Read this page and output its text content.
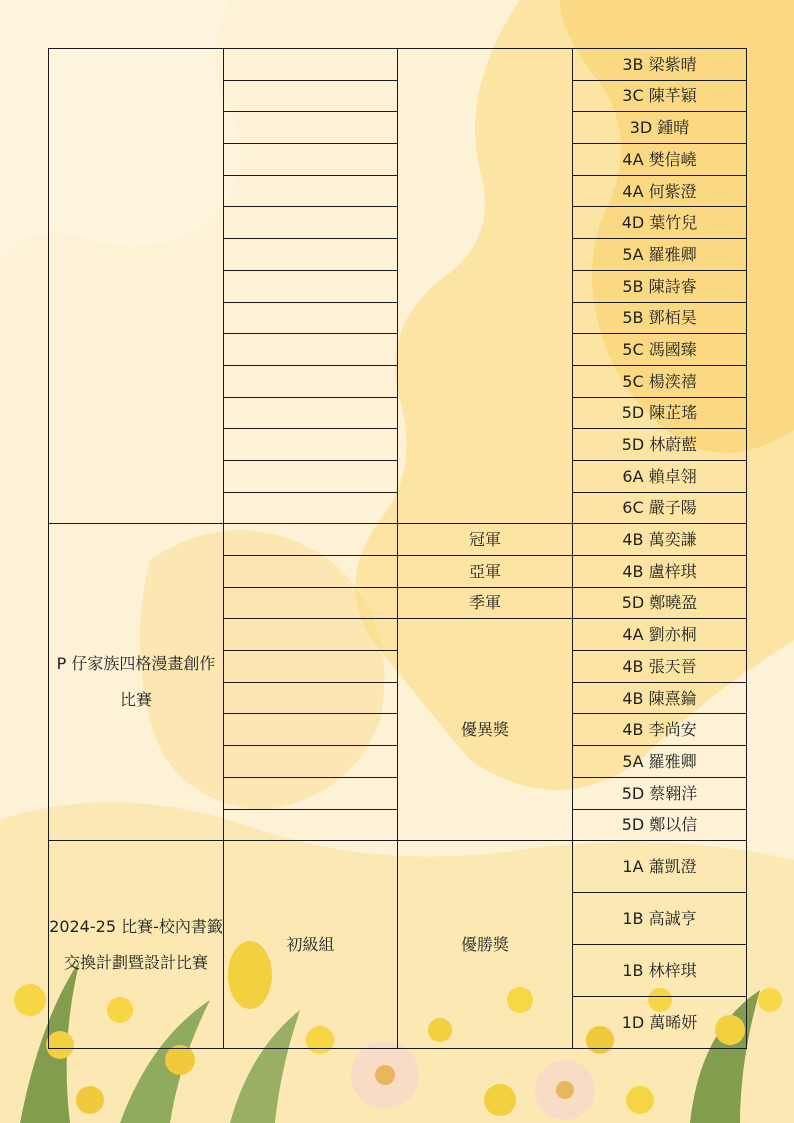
			3B 梁紫晴
			3C 陳芊穎
			3D 鍾晴
			4A 樊信嶢
			4A 何紫澄
			4D 葉竹兒
			5A 羅雅卿
			5B 陳詩睿
			5B 鄧栢昊
			5C 馮國臻
			5C 楊湙禧
			5D 陳芷瑤
			5D 林蔚藍
			6A 賴卓翎
			6C 嚴子陽
P 仔家族四格漫畫創作比賽		冠軍	4B 萬奕謙
		亞軍	4B 盧梓琪
		季軍	5D 鄭曉盈
		優異獎	4A 劉亦桐
			4B 張天晉
			4B 陳熹錀
			4B 李尚安
			5A 羅雅卿
			5D 蔡翱洋
			5D 鄭以信
2024-25 比賽-校內書籤交換計劃暨設計比賽	初級組	優勝獎	1A 蕭凱澄
			1B 高誠亨
			1B 林梓琪
			1D 萬晞妍
